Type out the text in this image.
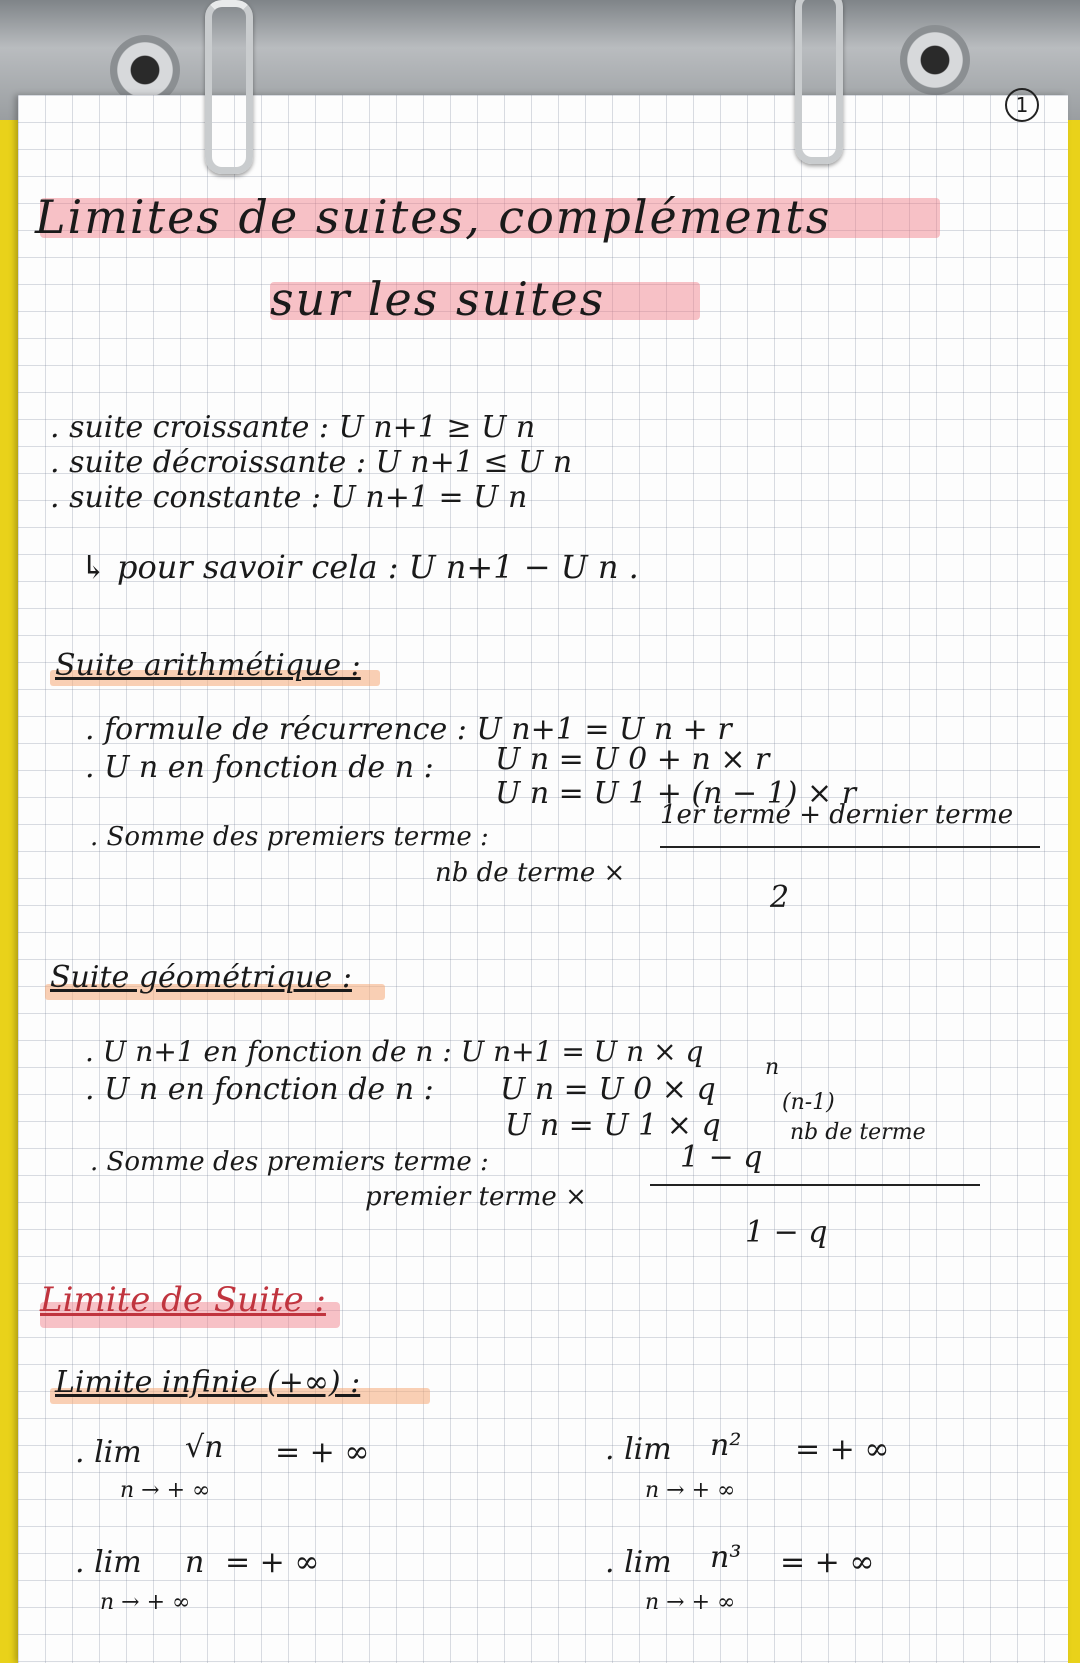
1
Limites de suites, compléments
sur les suites
. suite croissante : U n+1 ≥ U n
. suite décroissante : U n+1 ≤ U n
. suite constante : U n+1 = U n
↳ pour savoir cela : U n+1 − U n .
Suite arithmétique :
. formule de récurrence : U n+1 = U n + r
. U n en fonction de n : U n = U 0 + n × r
U n = U 1 + (n − 1) × r
. Somme des premiers terme :
1er terme + dernier terme
nb de terme ×
2
Suite géométrique :
. U n+1 en fonction de n : U n+1 = U n × q
. U n en fonction de n : U n = U 0 × q
n
U n = U 1 × q
(n-1)
nb de terme
. Somme des premiers terme :	1 − q
premier terme ×
1 − q
Limite de Suite :
Limite infinie (+∞) :
. lim √n = + ∞
n → + ∞
. lim n² = + ∞
n → + ∞
. lim n = + ∞
n → + ∞
. lim n³ = + ∞
n → + ∞
